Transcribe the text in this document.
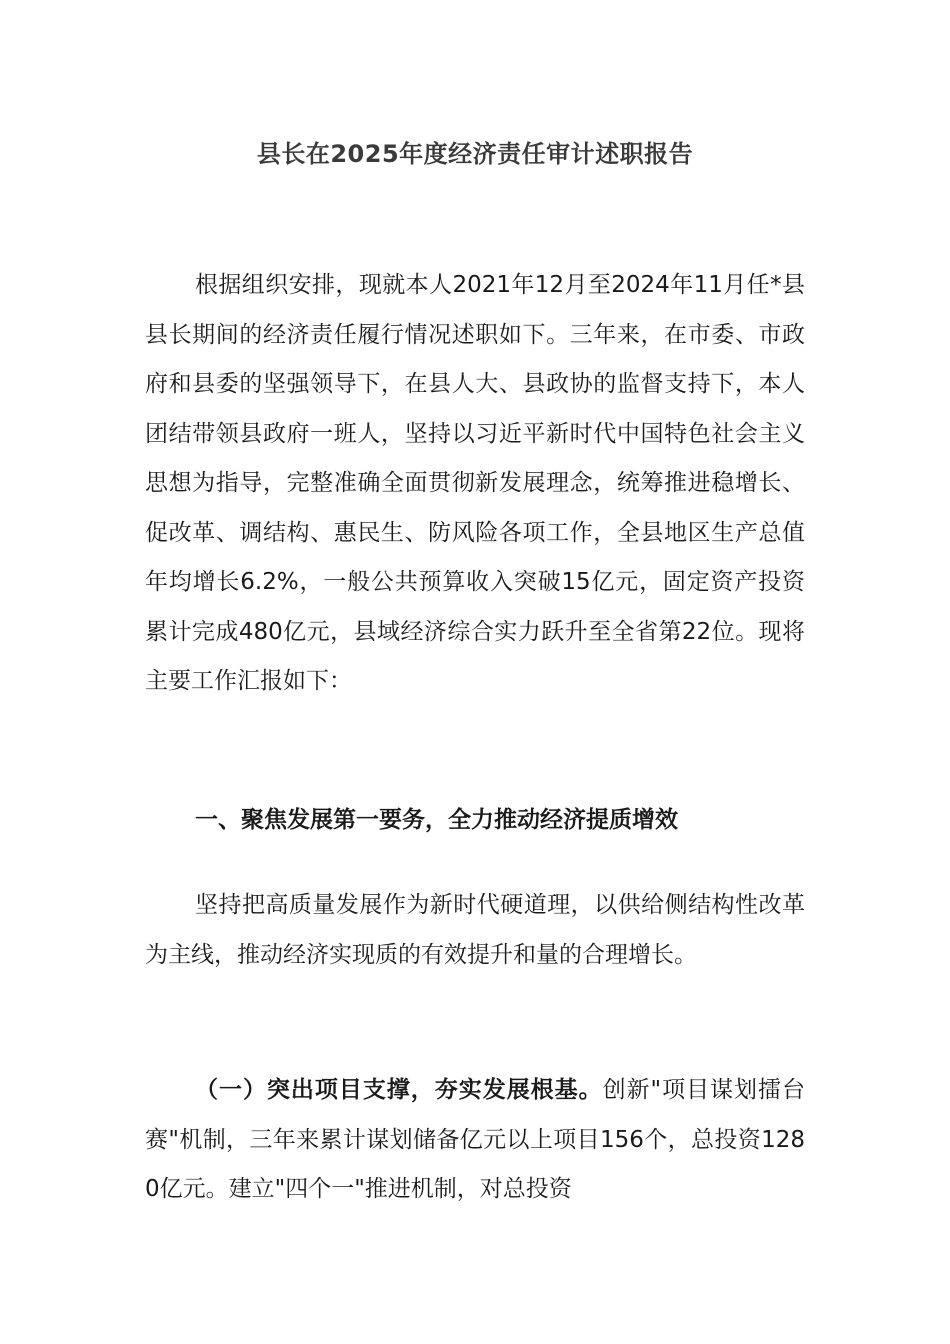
县长在2025年度经济责任审计述职报告
根据组织安排，现就本人2021年12月至2024年11月任*县县长期间的经济责任履行情况述职如下。三年来，在市委、市政府和县委的坚强领导下，在县人大、县政协的监督支持下，本人团结带领县政府一班人，坚持以习近平新时代中国特色社会主义思想为指导，完整准确全面贯彻新发展理念，统筹推进稳增长、促改革、调结构、惠民生、防风险各项工作，全县地区生产总值年均增长6.2%，一般公共预算收入突破15亿元，固定资产投资累计完成480亿元，县域经济综合实力跃升至全省第22位。现将主要工作汇报如下：
一、聚焦发展第一要务，全力推动经济提质增效
坚持把高质量发展作为新时代硬道理，以供给侧结构性改革为主线，推动经济实现质的有效提升和量的合理增长。
（一）突出项目支撑，夯实发展根基。创新"项目谋划擂台赛"机制，三年来累计谋划储备亿元以上项目156个，总投资1280亿元。建立"四个一"推进机制，对总投资
